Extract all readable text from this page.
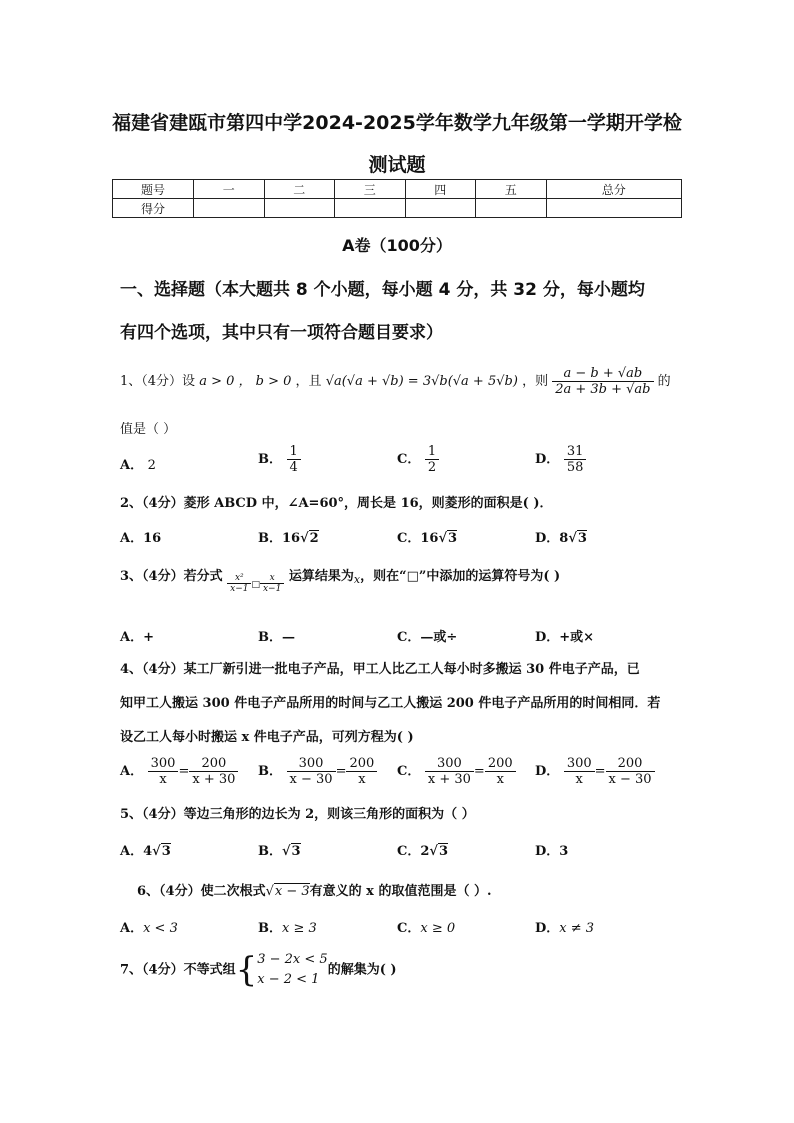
福建省建瓯市第四中学2024-2025学年数学九年级第一学期开学检
测试题
题号	一	二	三	四	五	总分
得分						
A卷（100分）
一、选择题（本大题共 8 个小题，每小题 4 分，共 32 分，每小题均
有四个选项，其中只有一项符合题目要求）
1、（4分）设 a > 0 ， b > 0 ，且 √a(√a + √b) = 3√b(√a + 5√b) ，则 $\frac{a - b + √ab}{2a + 3b + √ab}$ 的
值是（ ）
A． 2	B． $\frac{1}{4}$	C． $\frac{1}{2}$	D． $\frac{31}{58}$
2、（4分）菱形 ABCD 中，∠A=60°，周长是 16，则菱形的面积是( )．
A．16	B．16√2	C．16√3	D．8√3
3、（4分）若分式 $\frac{\text{x²}}{x-1}$ □ $\frac{x}{x-1}$ 运算结果为$_x$，则在“□”中添加的运算符号为( )
A．+	B．—	C．—或÷	D．+或×
4、（4分）某工厂新引进一批电子产品，甲工人比乙工人每小时多搬运 30 件电子产品，已
知甲工人搬运 300 件电子产品所用的时间与乙工人搬运 200 件电子产品所用的时间相同．若
设乙工人每小时搬运 x 件电子产品，可列方程为( )
A． $\frac{300}{x} = \frac{200}{x + 30}$ B． $\frac{300}{x - 30} = \frac{200}{x}$ C． $\frac{300}{x + 30} = \frac{200}{x}$ D． $\frac{300}{x} = \frac{200}{x - 30}$
5、（4分）等边三角形的边长为 2，则该三角形的面积为（ ）
A．4√3	B．√3	C．2√3	D．3
6、（4分）使二次根式√x − 3有意义的 x 的取值范围是（ ）.
A．x < 3	B．x ≥ 3	C．x ≥ 0	D．x ≠ 3
7、（4分）不等式组{ 3 − 2x < 5
x − 2 < 1
的解集为( )
